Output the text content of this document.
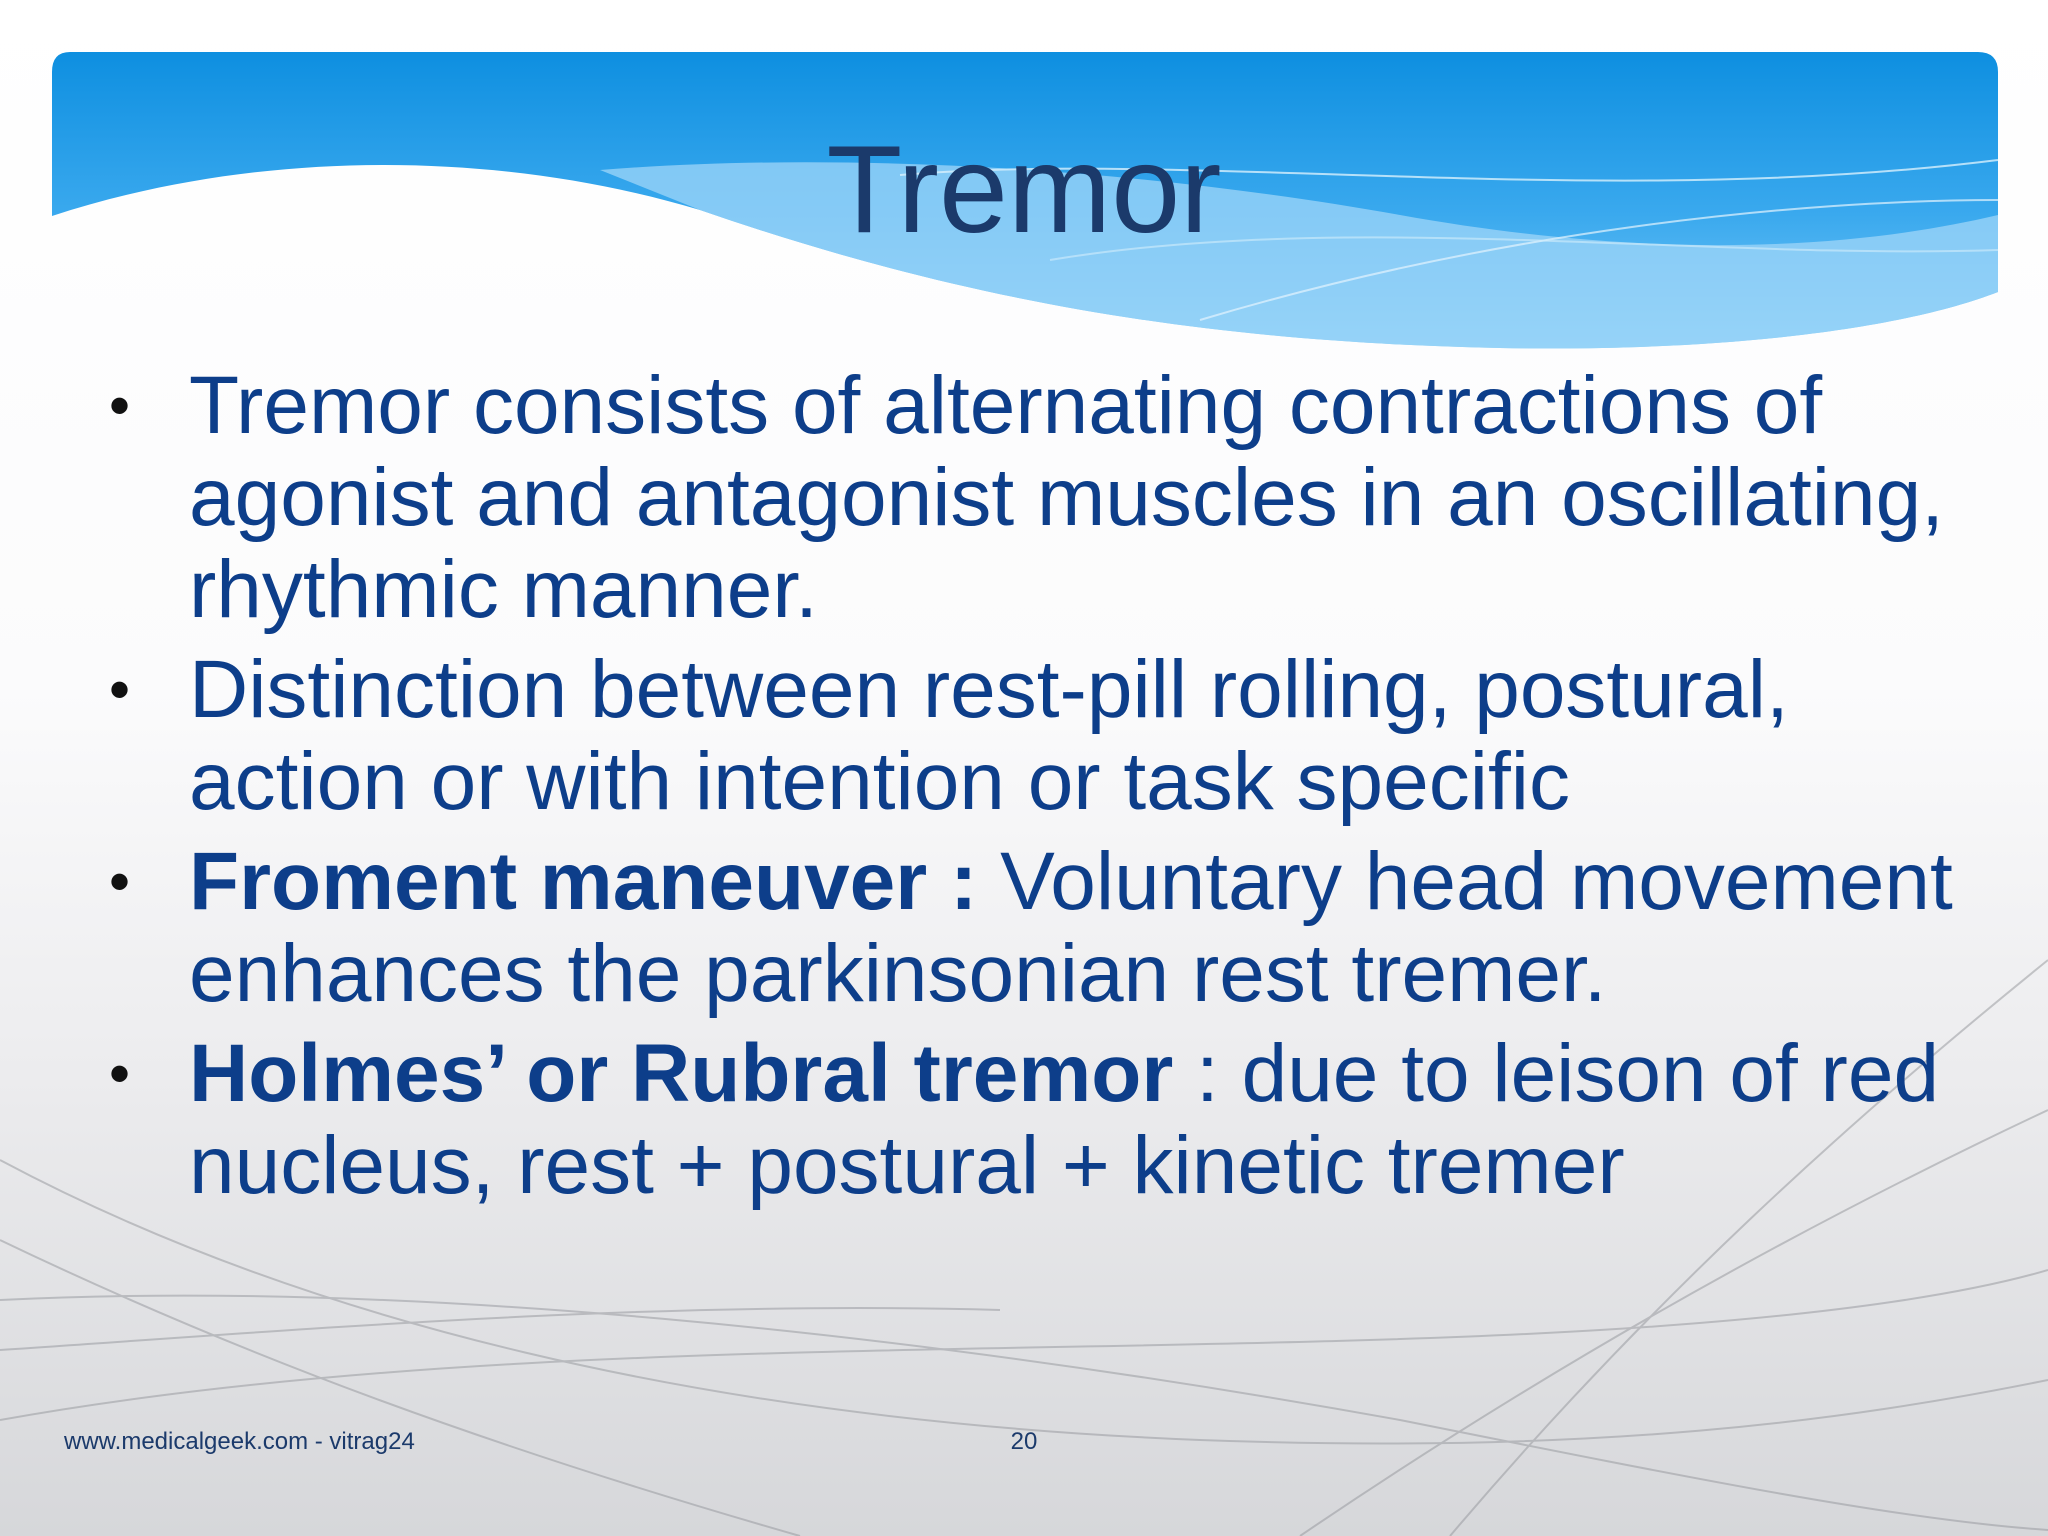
Tremor
• Tremor consists of alternating contractions of agonist and antagonist muscles in an oscillating, rhythmic manner.
• Distinction between rest-pill rolling, postural, action or with intention or task specific
• Froment maneuver : Voluntary head movement enhances the parkinsonian rest tremer.
• Holmes’ or Rubral tremor : due to leison of red nucleus, rest + postural + kinetic tremer
www.medicalgeek.com - vitrag24	20
